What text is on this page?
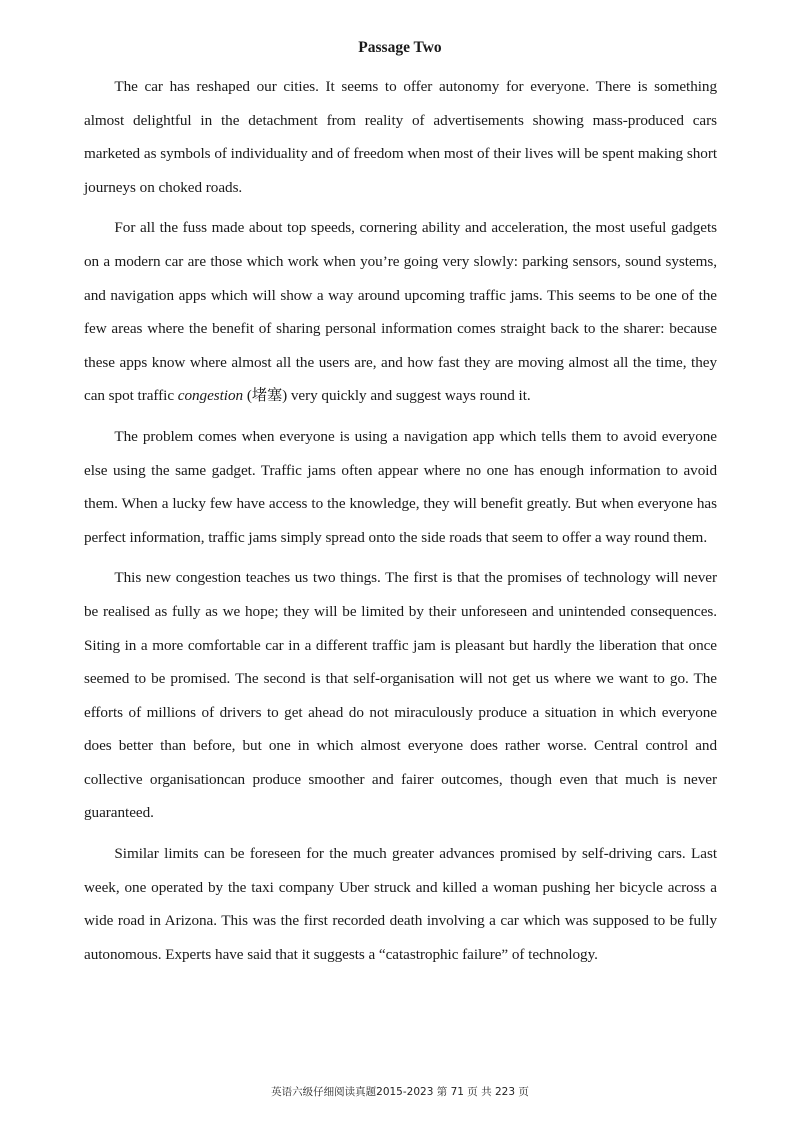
Passage Two

The car has reshaped our cities. It seems to offer autonomy for everyone. There is something almost delightful in the detachment from reality of advertisements showing mass-produced cars marketed as symbols of individuality and of freedom when most of their lives will be spent making short journeys on choked roads.

For all the fuss made about top speeds, cornering ability and acceleration, the most useful gadgets on a modern car are those which work when you’re going very slowly: parking sensors, sound systems, and navigation apps which will show a way around upcoming traffic jams. This seems to be one of the few areas where the benefit of sharing personal information comes straight back to the sharer: because these apps know where almost all the users are, and how fast they are moving almost all the time, they can spot traffic congestion (堵塞) very quickly and suggest ways round it.

The problem comes when everyone is using a navigation app which tells them to avoid everyone else using the same gadget. Traffic jams often appear where no one has enough information to avoid them. When a lucky few have access to the knowledge, they will benefit greatly. But when everyone has perfect information, traffic jams simply spread onto the side roads that seem to offer a way round them.

This new congestion teaches us two things. The first is that the promises of technology will never be realised as fully as we hope; they will be limited by their unforeseen and unintended consequences. Siting in a more comfortable car in a different traffic jam is pleasant but hardly the liberation that once seemed to be promised. The second is that self-organisation will not get us where we want to go. The efforts of millions of drivers to get ahead do not miraculously produce a situation in which everyone does better than before, but one in which almost everyone does rather worse. Central control and collective organisationcan produce smoother and fairer outcomes, though even that much is never guaranteed.

Similar limits can be foreseen for the much greater advances promised by self-driving cars. Last week, one operated by the taxi company Uber struck and killed a woman pushing her bicycle across a wide road in Arizona. This was the first recorded death involving a car which was supposed to be fully autonomous. Experts have said that it suggests a “catastrophic failure” of technology.

英语六级仔细阅读真题2015-2023 第 71 页 共 223 页
